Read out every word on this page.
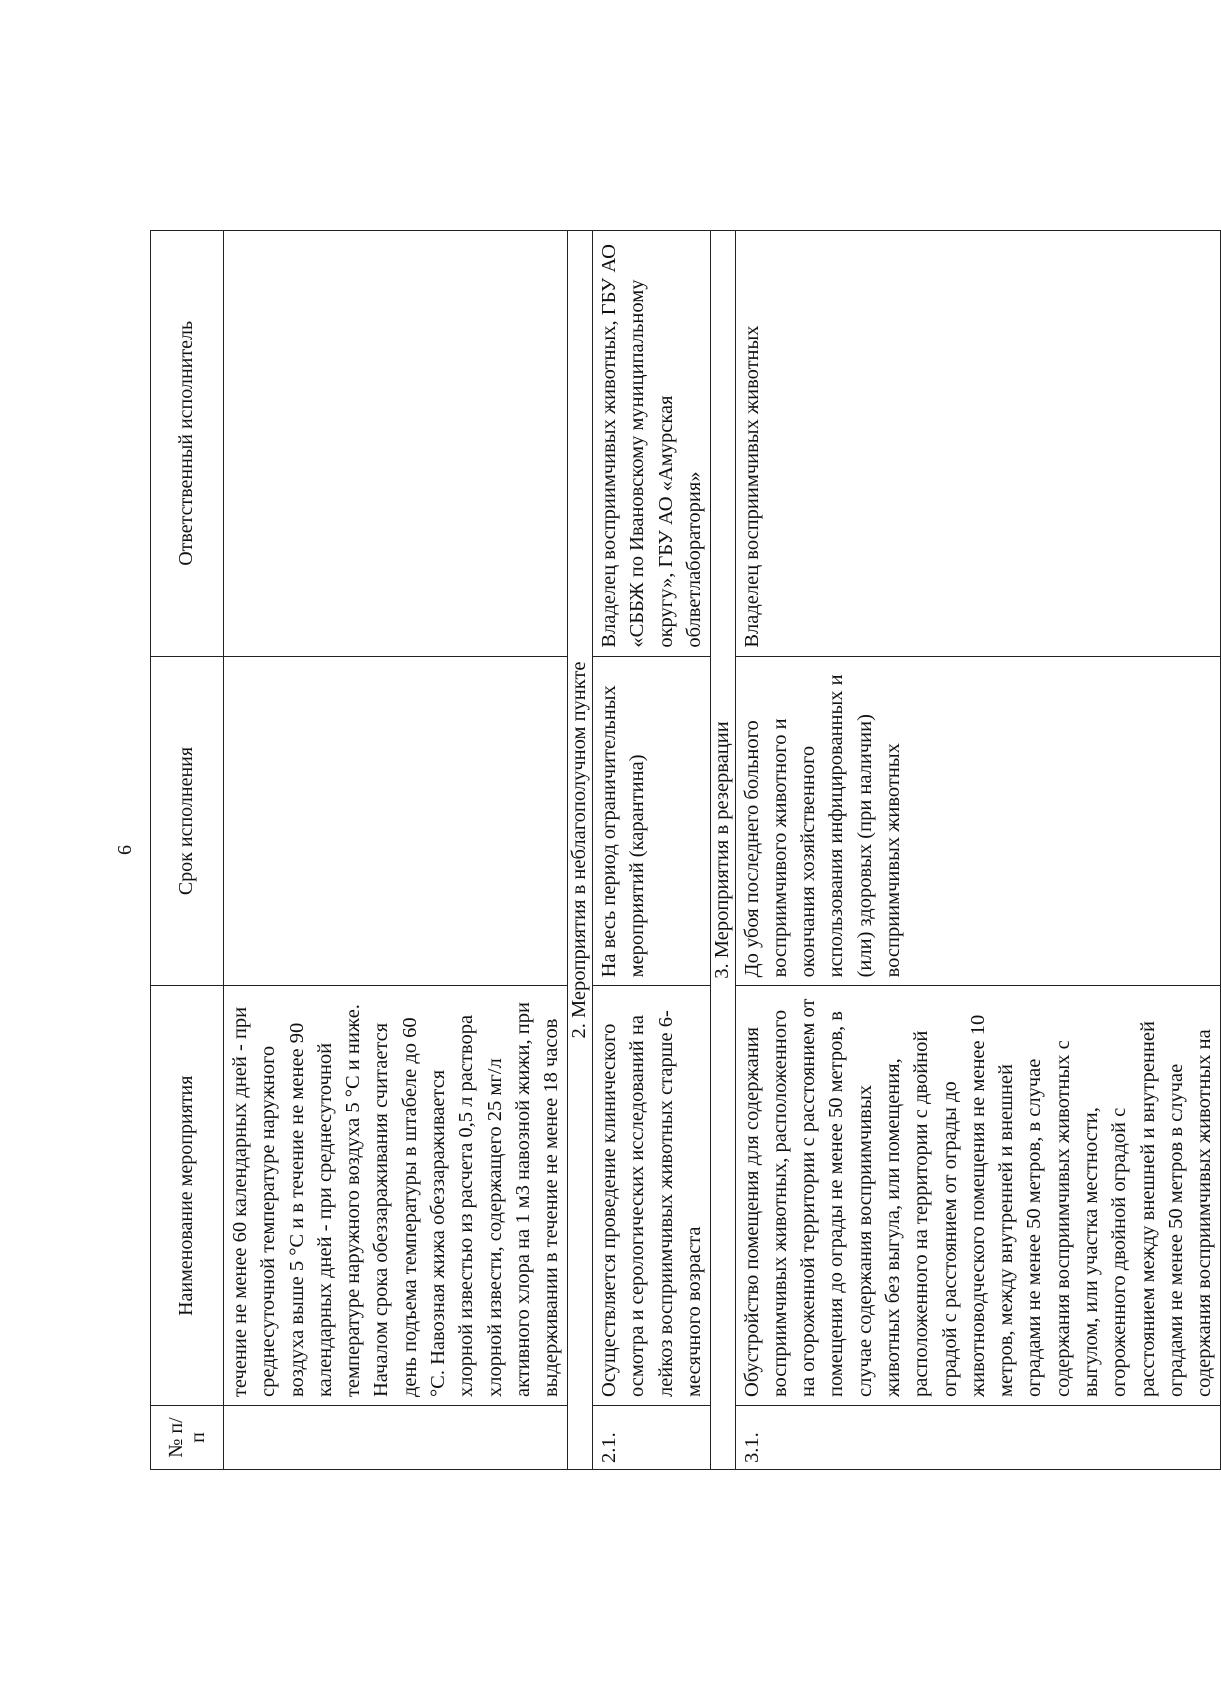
6
№ п/п	Наименование мероприятия	Срок исполнения	Ответственный исполнитель
	течение не менее 60 календарных дней - при среднесуточной температуре наружного воздуха выше 5 °С и в течение не менее 90 календарных дней - при среднесуточной температуре наружного воздуха 5 °С и ниже. Началом срока обеззараживания считается день подъема температуры в штабеле до 60 °С. Навозная жижа обеззараживается хлорной известью из расчета 0,5 л раствора хлорной извести, содержащего 25 мг/л активного хлора на 1 м3 навозной жижи, при выдерживании в течение не менее 18 часов		
2. Мероприятия в неблагополучном пункте			
2.1.	Осуществляется проведение клинического осмотра и серологических исследований на лейкоз восприимчивых животных старше 6-месячного возраста	На весь период ограничительных мероприятий (карантина)	Владелец восприимчивых животных, ГБУ АО «СББЖ по Ивановскому муниципальному округу», ГБУ АО «Амурская облветлаборатория»
3. Мероприятия в резервации			
3.1.	Обустройство помещения для содержания восприимчивых животных, расположенного на огороженной территории с расстоянием от помещения до ограды не менее 50 метров, в случае содержания восприимчивых животных без выгула, или помещения, расположенного на территории с двойной оградой с расстоянием от ограды до животноводческого помещения не менее 10 метров, между внутренней и внешней оградами не менее 50 метров, в случае содержания восприимчивых животных с выгулом, или участка местности, огороженного двойной оградой с расстоянием между внешней и внутренней оградами не менее 50 метров в случае содержания восприимчивых животных на	До убоя последнего больного восприимчивого животного и окончания хозяйственного использования инфицированных и (или) здоровых (при наличии) восприимчивых животных	Владелец восприимчивых животных
